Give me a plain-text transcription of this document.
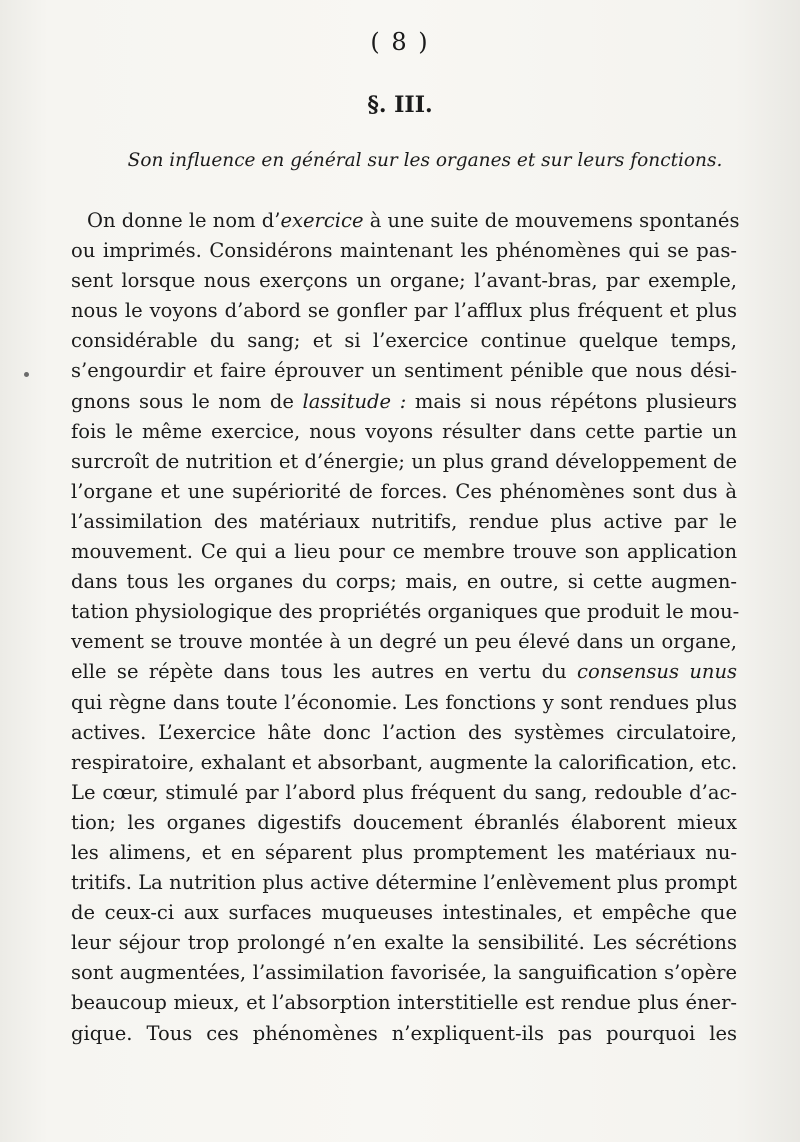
( 8 )
§. III.
Son influence en général sur les organes et sur leurs fonctions.
On donne le nom d’exercice à une suite de mouvemens spontanés
ou imprimés. Considérons maintenant les phénomènes qui se pas-
sent lorsque nous exerçons un organe; l’avant-bras, par exemple,
nous le voyons d’abord se gonfler par l’afflux plus fréquent et plus
considérable du sang; et si l’exercice continue quelque temps,
s’engourdir et faire éprouver un sentiment pénible que nous dési-
gnons sous le nom de lassitude : mais si nous répétons plusieurs
fois le même exercice, nous voyons résulter dans cette partie un
surcroît de nutrition et d’énergie; un plus grand développement de
l’organe et une supériorité de forces. Ces phénomènes sont dus à
l’assimilation des matériaux nutritifs, rendue plus active par le
mouvement. Ce qui a lieu pour ce membre trouve son application
dans tous les organes du corps; mais, en outre, si cette augmen-
tation physiologique des propriétés organiques que produit le mou-
vement se trouve montée à un degré un peu élevé dans un organe,
elle se répète dans tous les autres en vertu du consensus unus
qui règne dans toute l’économie. Les fonctions y sont rendues plus
actives. L’exercice hâte donc l’action des systèmes circulatoire,
respiratoire, exhalant et absorbant, augmente la calorification, etc.
Le cœur, stimulé par l’abord plus fréquent du sang, redouble d’ac-
tion; les organes digestifs doucement ébranlés élaborent mieux
les alimens, et en séparent plus promptement les matériaux nu-
tritifs. La nutrition plus active détermine l’enlèvement plus prompt
de ceux-ci aux surfaces muqueuses intestinales, et empêche que
leur séjour trop prolongé n’en exalte la sensibilité. Les sécrétions
sont augmentées, l’assimilation favorisée, la sanguification s’opère
beaucoup mieux, et l’absorption interstitielle est rendue plus éner-
gique. Tous ces phénomènes n’expliquent-ils pas pourquoi les
